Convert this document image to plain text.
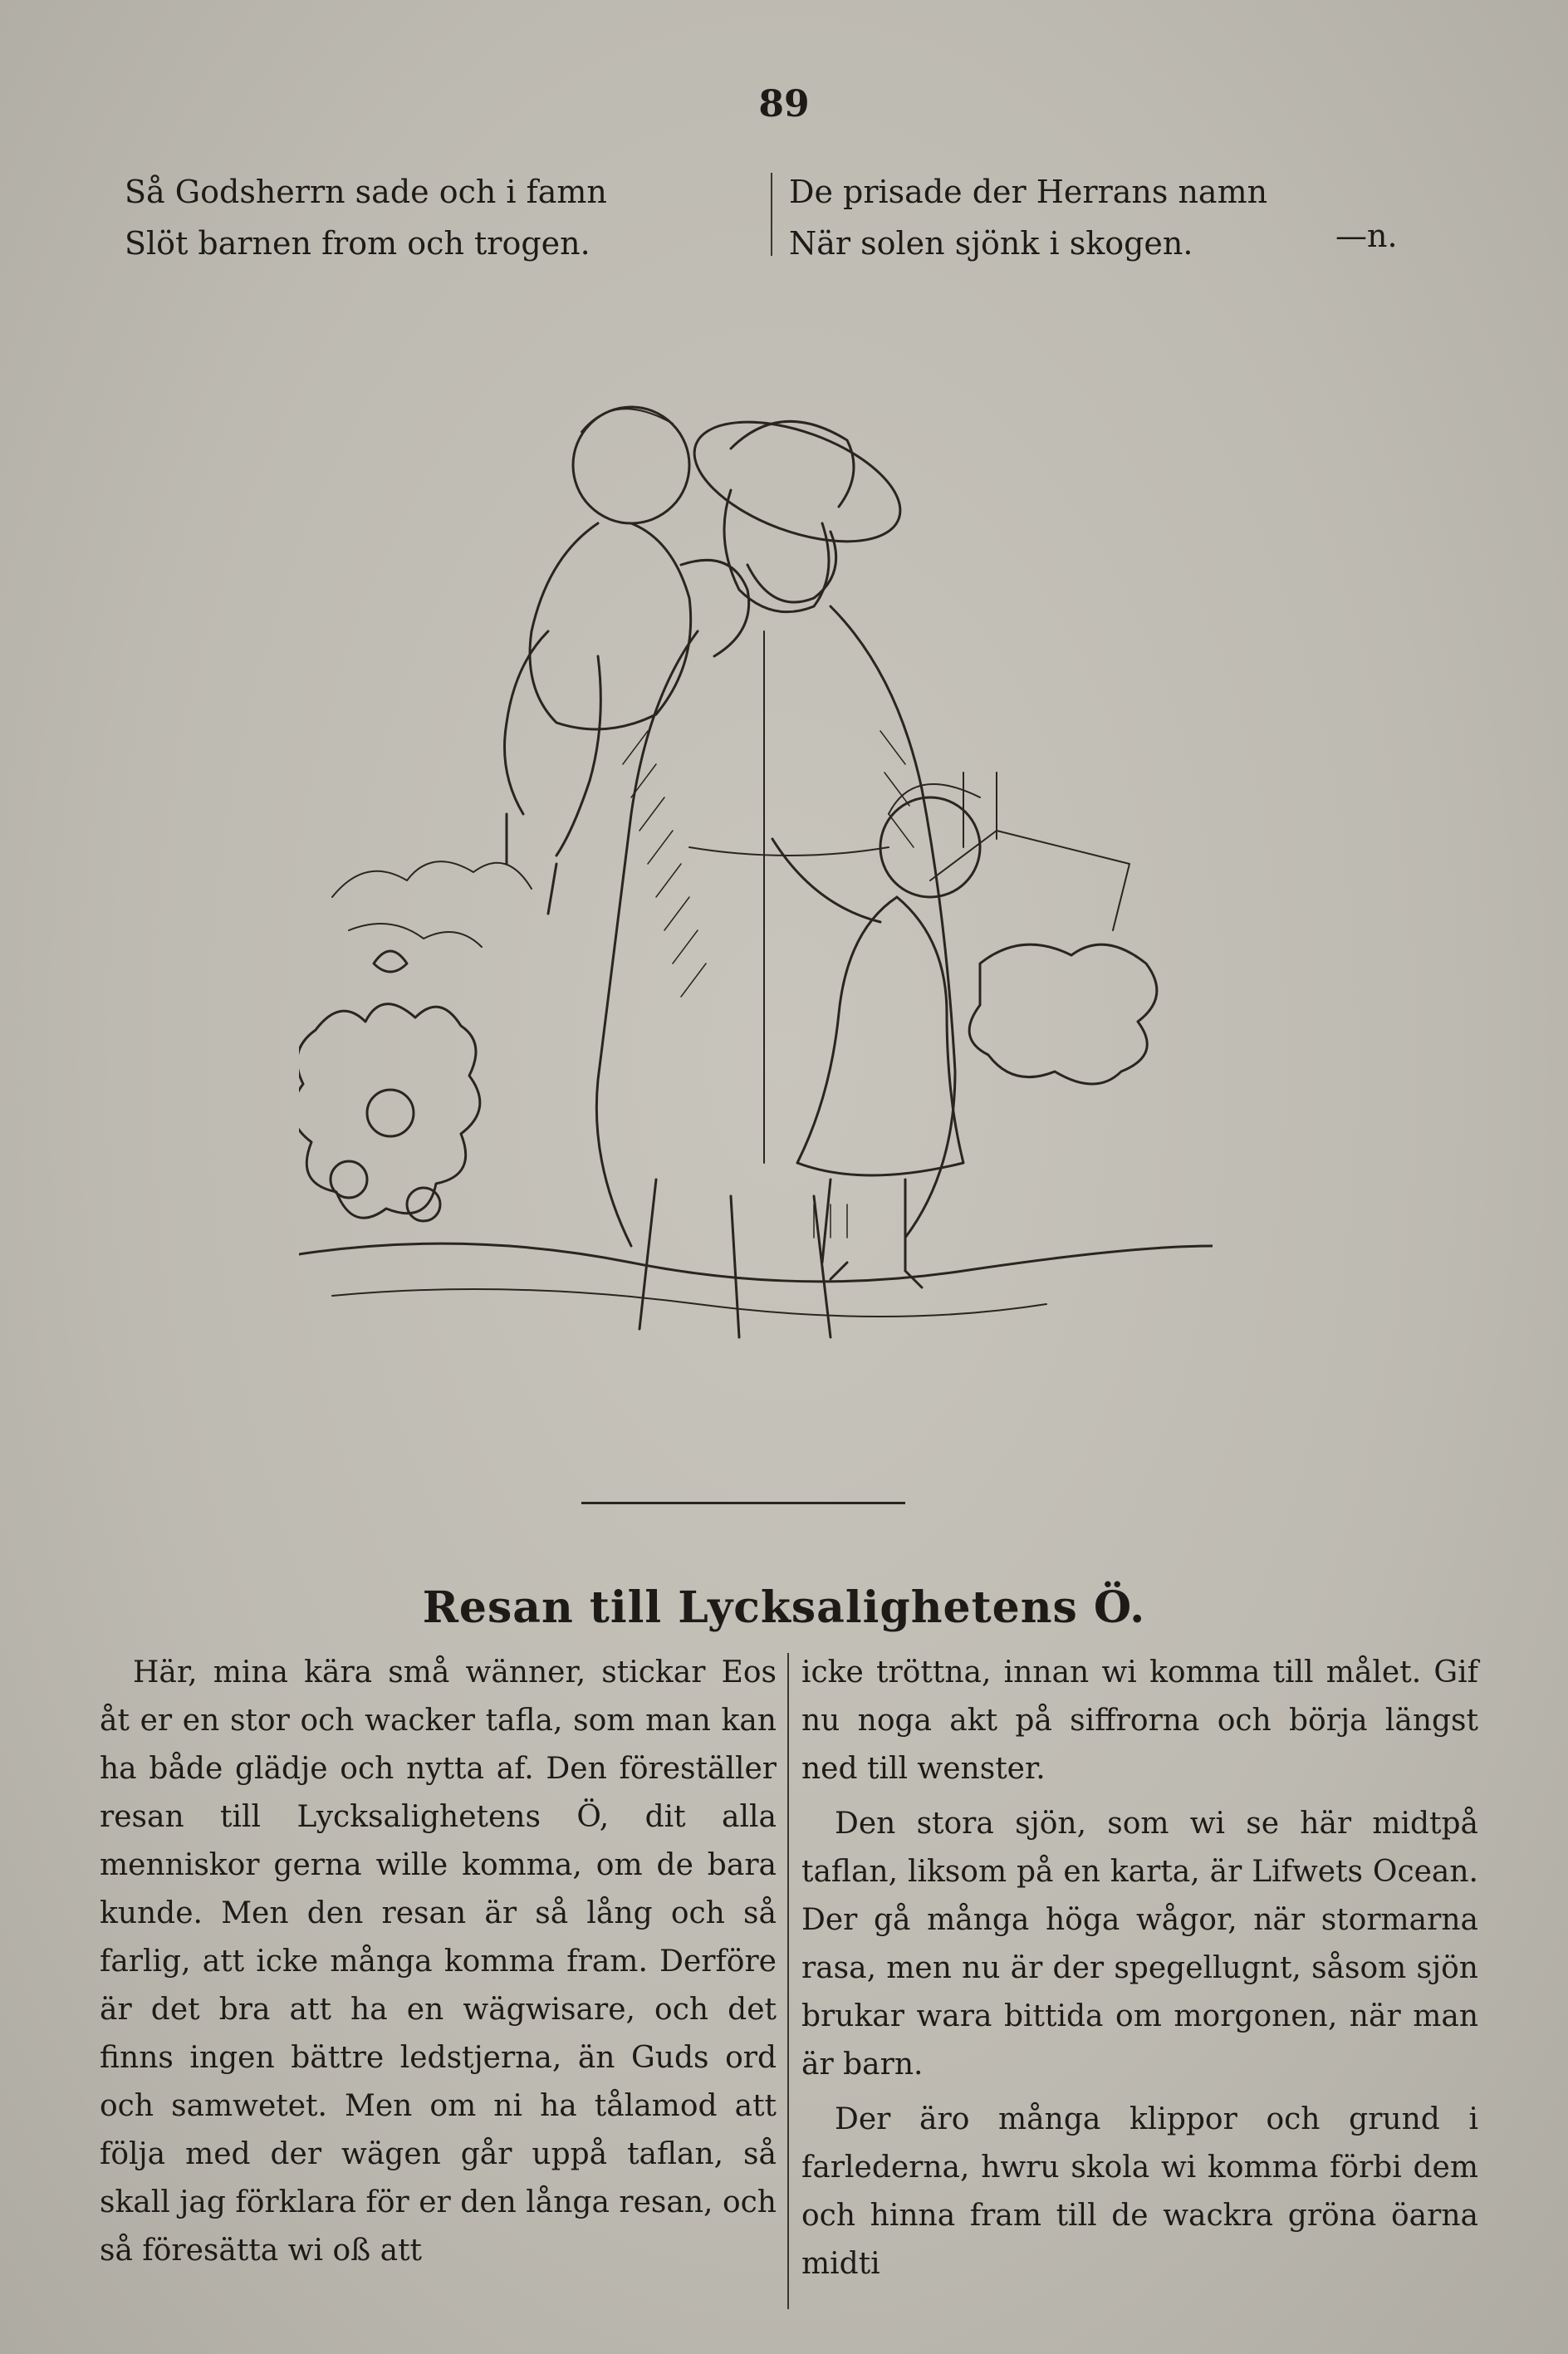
89
Så Godsherrn sade och i famn
Slöt barnen from och trogen.
De prisade der Herrans namn
När solen sjönk i skogen.	—n.
Resan till Lycksalighetens Ö.

Här, mina kära små wänner, stickar Eos åt er en stor och wacker tafla, som man kan ha både glädje och nytta af. Den föreställer resan till Lycksalighetens Ö, dit alla menniskor gerna wille komma, om de bara kunde. Men den resan är så lång och så farlig, att icke många komma fram. Derföre är det bra att ha en wägwisare, och det finns ingen bättre ledstjerna, än Guds ord och samwetet. Men om ni ha tålamod att följa med der wägen går uppå taflan, så skall jag förklara för er den långa resan, och så föresätta wi oß att

icke tröttna, innan wi komma till målet. Gif nu noga akt på siffrorna och börja längst ned till wenster.

Den stora sjön, som wi se här midtpå taflan, liksom på en karta, är Lifwets Ocean. Der gå många höga wågor, när stormarna rasa, men nu är der spegellugnt, såsom sjön brukar wara bittida om morgonen, när man är barn.

Der äro många klippor och grund i farlederna, hwru skola wi komma förbi dem och hinna fram till de wackra gröna öarna midti
